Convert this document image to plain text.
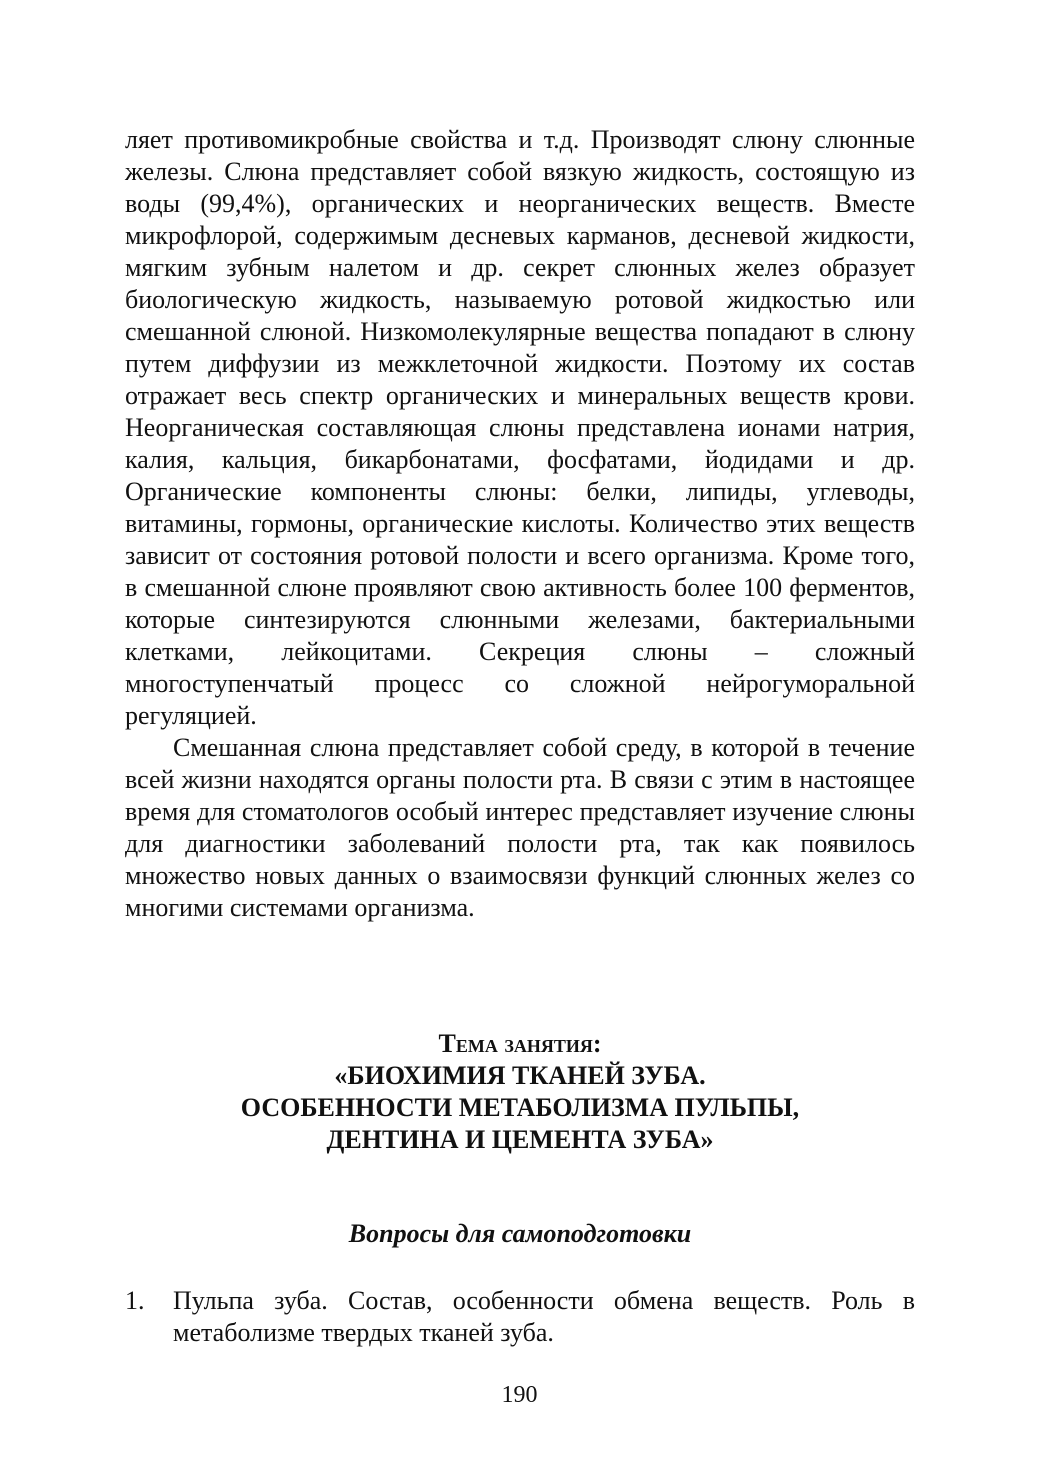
ляет противомикробные свойства и т.д. Производят слюну слюнные железы. Слюна представляет собой вязкую жидкость, состоящую из воды (99,4%), органических и неорганических веществ. Вместе микрофлорой, содержимым десневых карманов, десневой жидкости, мягким зубным налетом и др. секрет слюнных желез образует биологическую жидкость, называемую ротовой жидкостью или смешанной слюной. Низкомолекулярные вещества попадают в слюну путем диффузии из межклеточной жидкости. Поэтому их состав отражает весь спектр органических и минеральных веществ крови. Неорганическая составляющая слюны представлена ионами натрия, калия, кальция, бикарбонатами, фосфатами, йодидами и др. Органические компоненты слюны: белки, липиды, углеводы, витамины, гормоны, органические кислоты. Количество этих веществ зависит от состояния ротовой полости и всего организма. Кроме того, в смешанной слюне проявляют свою активность более 100 ферментов, которые синтезируются слюнными железами, бактериальными клетками, лейкоцитами. Секреция слюны – сложный многоступенчатый процесс со сложной нейрогуморальной регуляцией.

Смешанная слюна представляет собой среду, в которой в течение всей жизни находятся органы полости рта. В связи с этим в настоящее время для стоматологов особый интерес представляет изучение слюны для диагностики заболеваний полости рта, так как появилось множество новых данных о взаимосвязи функций слюнных желез со многими системами организма.

Тема занятия:
«БИОХИМИЯ ТКАНЕЙ ЗУБА.
ОСОБЕННОСТИ МЕТАБОЛИЗМА ПУЛЬПЫ,
ДЕНТИНА И ЦЕМЕНТА ЗУБА»
Вопросы для самоподготовки
1. Пульпа зуба. Состав, особенности обмена веществ. Роль в метаболизме твердых тканей зуба.
190
